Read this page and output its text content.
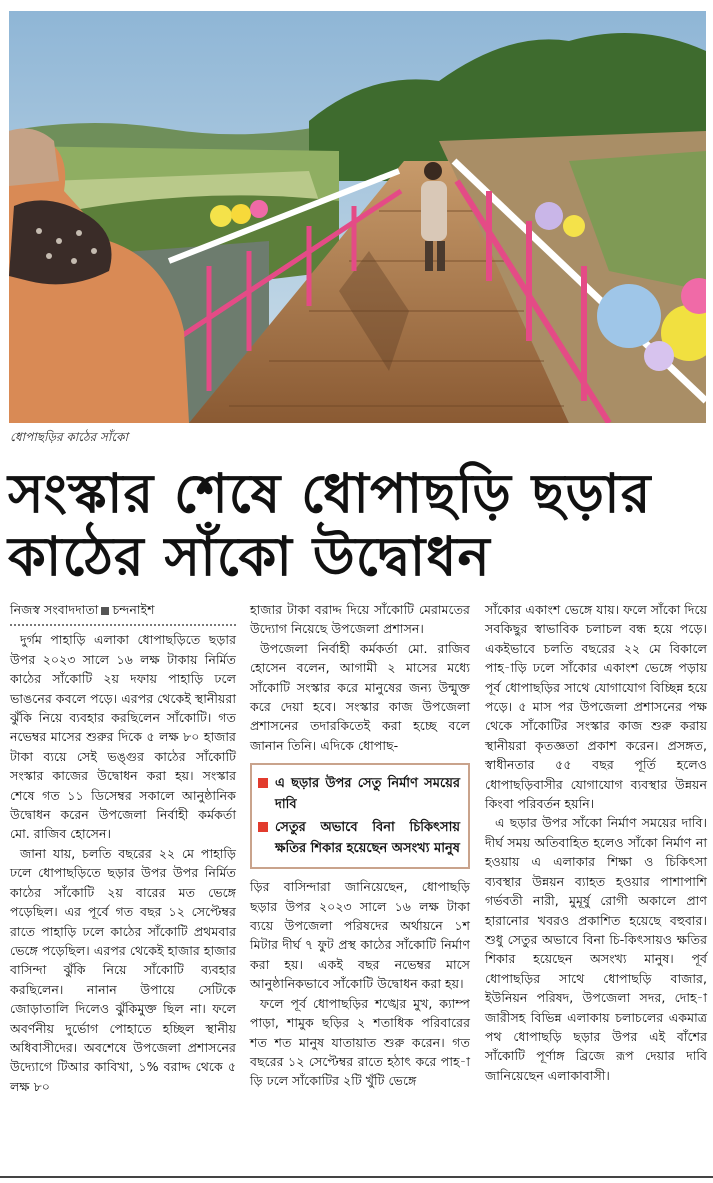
ধোপাছড়ির কাঠের সাঁকো
সংস্কার শেষে ধোপাছড়ি ছড়ার
কাঠের সাঁকো উদ্বোধন

নিজস্ব সংবাদদাতা চন্দনাইশ

দুর্গম পাহাড়ি এলাকা ধোপাছড়িতে ছড়ার উপর ২০২৩ সালে ১৬ লক্ষ টাকায় নির্মিত কাঠের সাঁকোটি ২য় দফায় পাহাড়ি ঢলে ভাঙনের কবলে পড়ে। এরপর থেকেই স্থানীয়রা ঝুঁকি নিয়ে ব্যবহার করছিলেন সাঁকোটি। গত নভেম্বর মাসের শুরুর দিকে ৫ লক্ষ ৮০ হাজার টাকা ব্যয়ে সেই ভঙ্গুর কাঠের সাঁকোটি সংস্কার কাজের উদ্বোধন করা হয়। সংস্কার শেষে গত ১১ ডিসেম্বর সকালে আনুষ্ঠানিক উদ্বোধন করেন উপজেলা নির্বাহী কর্মকর্তা মো. রাজিব হোসেন।

জানা যায়, চলতি বছরের ২২ মে পাহাড়ি ঢলে ধোপাছড়িতে ছড়ার উপর উপর নির্মিত কাঠের সাঁকোটি ২য় বারের মত ভেঙ্গে পড়েছিল। এর পূর্বে গত বছর ১২ সেপ্টেম্বর রাতে পাহাড়ি ঢলে কাঠের সাঁকোটি প্রথমবার ভেঙ্গে পড়েছিল। এরপর থেকেই হাজার হাজার বাসিন্দা ঝুঁকি নিয়ে সাঁকোটি ব্যবহার করছিলেন। নানান উপায়ে সেটিকে জোড়াতালি দিলেও ঝুঁকিমুক্ত ছিল না। ফলে অবর্ণনীয় দুর্ভোগ পোহাতে হচ্ছিল স্থানীয় অধিবাসীদের। অবশেষে উপজেলা প্রশাসনের উদ্যোগে টিআর কাবিখা, ১% বরাদ্দ থেকে ৫ লক্ষ ৮০

হাজার টাকা বরাদ্দ দিয়ে সাঁকোটি মেরামতের উদ্যোগ নিয়েছে উপজেলা প্রশাসন।

উপজেলা নির্বাহী কর্মকর্তা মো. রাজিব হোসেন বলেন, আগামী ২ মাসের মধ্যে সাঁকোটি সংস্কার করে মানুষের জন্য উন্মুক্ত করে দেয়া হবে। সংস্কার কাজ উপজেলা প্রশাসনের তদারকিতেই করা হচ্ছে বলে জানান তিনি। এদিকে ধোপাছ-

এ ছড়ার উপর সেতু নির্মাণ সময়ের দাবি
সেতুর অভাবে বিনা চিকিৎসায় ক্ষতির শিকার হয়েছেন অসংখ্য মানুষ

ড়ির বাসিন্দারা জানিয়েছেন, ধোপাছড়ি ছড়ার উপর ২০২৩ সালে ১৬ লক্ষ টাকা ব্যয়ে উপজেলা পরিষদের অর্থায়নে ১শ মিটার দীর্ঘ ৭ ফুট প্রস্থ কাঠের সাঁকোটি নির্মাণ করা হয়। একই বছর নভেম্বর মাসে আনুষ্ঠানিকভাবে সাঁকোটি উদ্বোধন করা হয়।

ফলে পূর্ব ধোপাছড়ির শঙ্খের মুখ, ক্যাম্প পাড়া, শামুক ছড়ির ২ শতাধিক পরিবারের শত শত মানুষ যাতায়াত শুরু করেন। গত বছরের ১২ সেপ্টেম্বর রাতে হঠাৎ করে পাহ-াড়ি ঢলে সাঁকোটির ২টি খুঁটি ভেঙ্গে

সাঁকোর একাংশ ভেঙ্গে যায়। ফলে সাঁকো দিয়ে সবকিছুর স্বাভাবিক চলাচল বন্ধ হয়ে পড়ে। একইভাবে চলতি বছরের ২২ মে বিকালে পাহ-াড়ি ঢলে সাঁকোর একাংশ ভেঙ্গে পড়ায় পূর্ব ধোপাছড়ির সাথে যোগাযোগ বিচ্ছিন্ন হয়ে পড়ে। ৫ মাস পর উপজেলা প্রশাসনের পক্ষ থেকে সাঁকোটির সংস্কার কাজ শুরু করায় স্থানীয়রা কৃতজ্ঞতা প্রকাশ করেন। প্রসঙ্গত, স্বাধীনতার ৫৫ বছর পূর্তি হলেও ধোপাছড়িবাসীর যোগাযোগ ব্যবস্থার উন্নয়ন কিংবা পরিবর্তন হয়নি।

এ ছড়ার উপর সাঁকো নির্মাণ সময়ের দাবি। দীর্ঘ সময় অতিবাহিত হলেও সাঁকো নির্মাণ না হওয়ায় এ এলাকার শিক্ষা ও চিকিৎসা ব্যবস্থার উন্নয়ন ব্যাহত হওয়ার পাশাপাশি গর্ভবতী নারী, মুমূর্ষু রোগী অকালে প্রাণ হারানোর খবরও প্রকাশিত হয়েছে বহুবার। শুধু সেতুর অভাবে বিনা চি-কিৎসায়ও ক্ষতির শিকার হয়েছেন অসংখ্য মানুষ। পূর্ব ধোপাছড়ির সাথে ধোপাছড়ি বাজার, ইউনিয়ন পরিষদ, উপজেলা সদর, দোহ-াজারীসহ বিভিন্ন এলাকায় চলাচলের একমাত্র পথ ধোপাছড়ি ছড়ার উপর এই বাঁশের সাঁকোটি পূর্ণাঙ্গ ব্রিজে রূপ দেয়ার দাবি জানিয়েছেন এলাকাবাসী।
